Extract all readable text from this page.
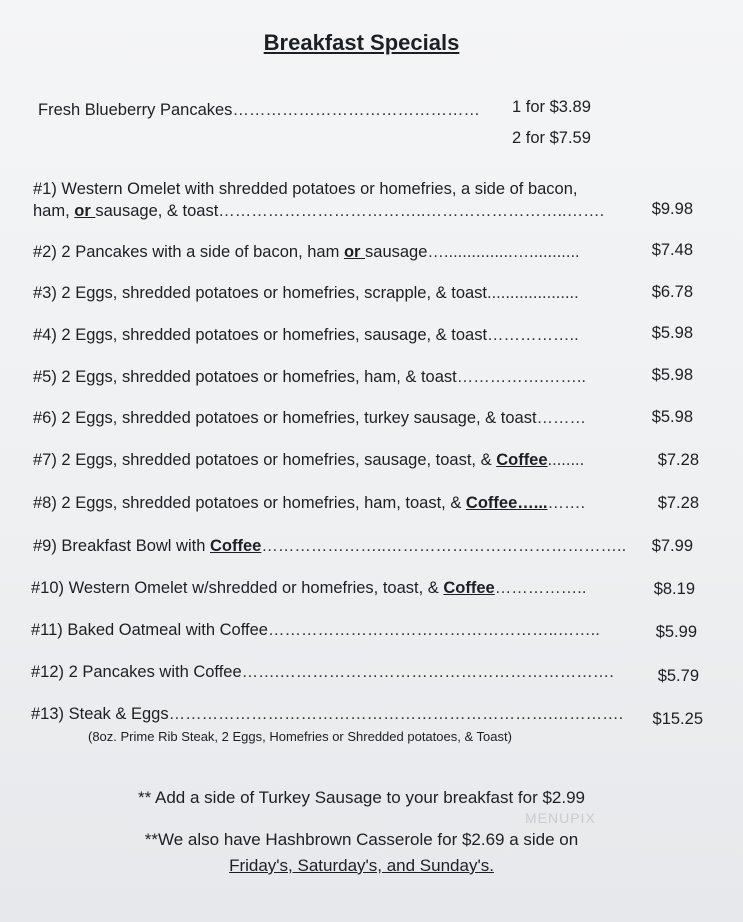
Breakfast Specials
Fresh Blueberry Pancakes……………………………………… 1 for $3.89
2 for $7.59
#1) Western Omelet with shredded potatoes or homefries, a side of bacon,
ham, or sausage, & toast………………………………..……………………..…….	$9.98
#2) 2 Pancakes with a side of bacon, ham or sausage…...............…...........	$7.48
#3) 2 Eggs, shredded potatoes or homefries, scrapple, & toast....................	$6.78
#4) 2 Eggs, shredded potatoes or homefries, sausage, & toast……………..	$5.98
#5) 2 Eggs, shredded potatoes or homefries, ham, & toast…………….……..	$5.98
#6) 2 Eggs, shredded potatoes or homefries, turkey sausage, & toast………	$5.98
#7) 2 Eggs, shredded potatoes or homefries, sausage, toast, & Coffee........	$7.28
#8) 2 Eggs, shredded potatoes or homefries, ham, toast, & Coffee…...…….	$7.28
#9) Breakfast Bowl with Coffee…………………..…………………………………….. $7.99
#10) Western Omelet w/shredded or homefries, toast, & Coffee……………..	$8.19
#11) Baked Oatmeal with Coffee……………………………………………..……..	$5.99
#12) 2 Pancakes with Coffee…….…………………………………………………….	$5.79
#13) Steak & Eggs…………………………………………………………….…………. $15.25
(8oz. Prime Rib Steak, 2 Eggs, Homefries or Shredded potatoes, & Toast)
** Add a side of Turkey Sausage to your breakfast for $2.99
**We also have Hashbrown Casserole for $2.69 a side on
Friday's, Saturday's, and Sunday's.
MENUPIX
